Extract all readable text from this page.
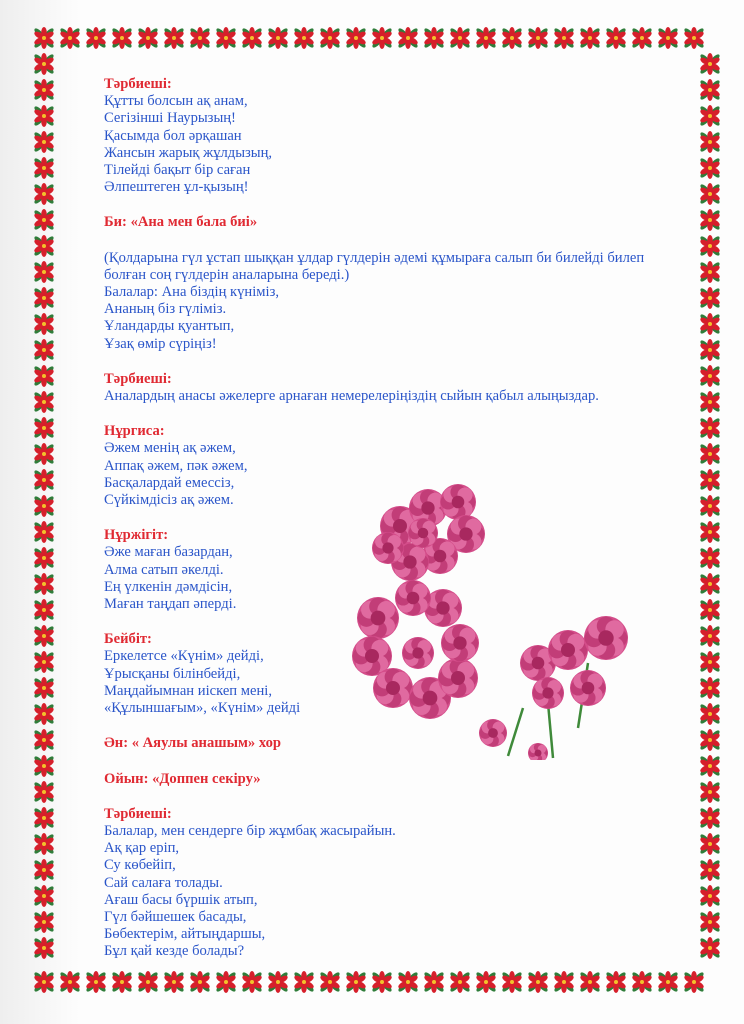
Тәрбиеші:
Құтты болсын ақ анам,
Сегізінші Наурызың!
Қасымда бол әрқашан
Жансын жарық жұлдызың,
Тілейді бақыт бір саған
Әлпештеген ұл-қызың!
Би: «Ана мен бала биі»
(Қолдарына гүл ұстап шыққан ұлдар гүлдерін әдемі құмыраға салып би билейді билеп болған соң гүлдерін аналарына береді.)
Балалар: Ана біздің күніміз,
Ананың біз гүліміз.
Ұландарды қуантып,
Ұзақ өмір сүріңіз!
Тәрбиеші:
Аналардың анасы әжелерге арнаған немерелеріңіздің сыйын қабыл алыңыздар.
Нұргиса:
Әжем менің ақ әжем,
Аппақ әжем, пәк әжем,
Басқалардай емессіз,
Сүйкімдісіз ақ әжем.
Нұржігіт:
Әже маған базардан,
Алма сатып әкелді.
Ең үлкенін дәмдісін,
Маған таңдап әперді.
Бейбіт:
Еркелетсе «Күнім» дейді,
Ұрысқаны білінбейді,
Маңдайымнан иіскеп мені,
«Құлыншағым», «Күнім» дейді
Ән: « Аяулы анашым» хор
Ойын: «Доппен секіру»
Тәрбиеші:
Балалар, мен сендерге бір жұмбақ жасырайын.
Ақ қар еріп,
Су көбейіп,
Сай салаға толады.
Ағаш басы бүршік атып,
Гүл бәйшешек басады,
Бөбектерім, айтыңдаршы,
Бұл қай кезде болады?
